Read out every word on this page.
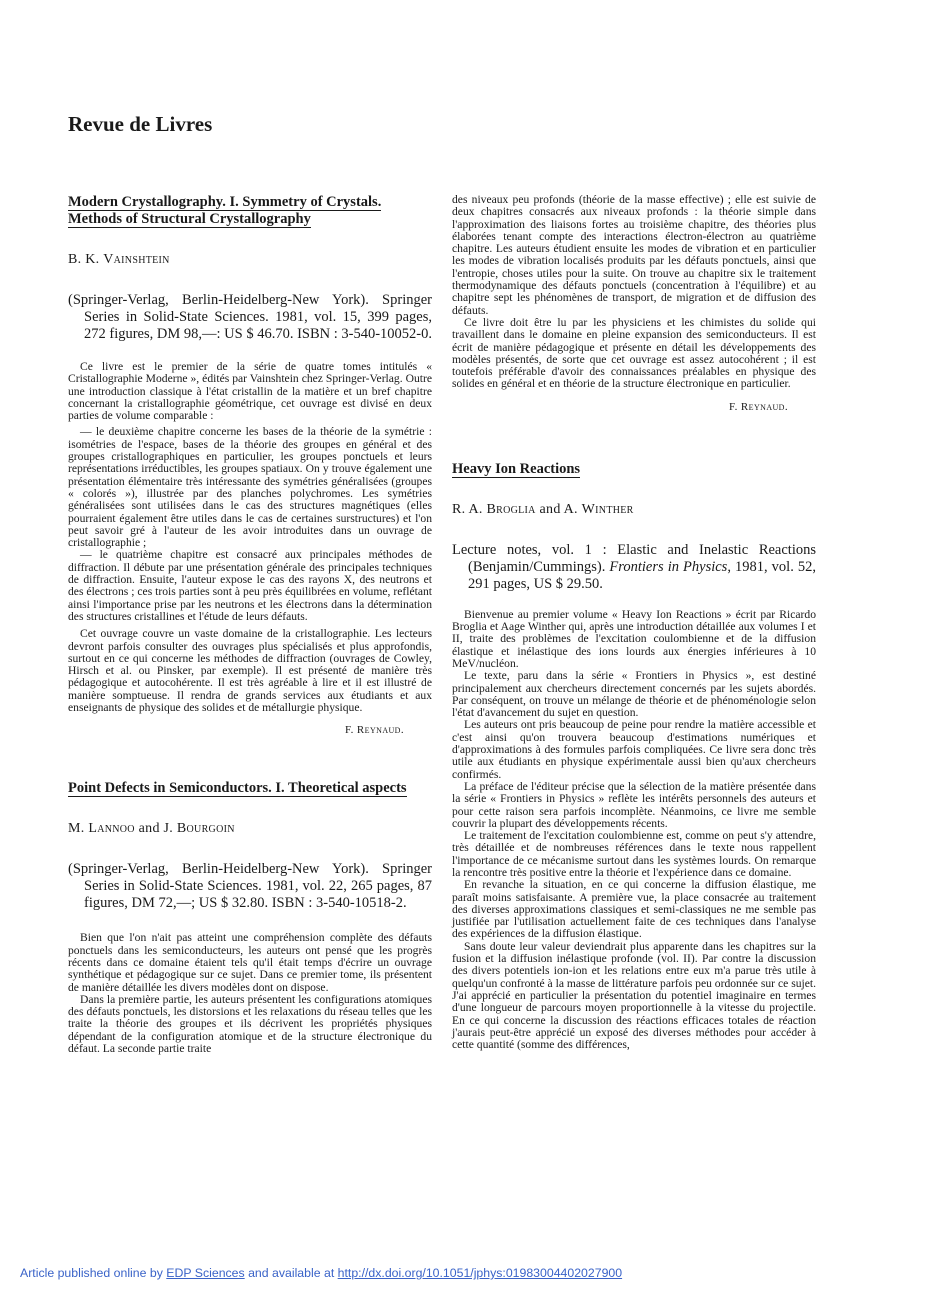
Revue de Livres
Modern Crystallography. I. Symmetry of Crystals. Methods of Structural Crystallography
B. K. Vainshtein

(Springer-Verlag, Berlin-Heidelberg-New York). Springer Series in Solid-State Sciences. 1981, vol. 15, 399 pages, 272 figures, DM 98,—: US $ 46.70. ISBN : 3-540-10052-0.

Ce livre est le premier de la série de quatre tomes intitulés « Cristallographie Moderne », édités par Vainshtein chez Springer-Verlag. Outre une introduction classique à l'état cristallin de la matière et un bref chapitre concernant la cristallographie géométrique, cet ouvrage est divisé en deux parties de volume comparable :

— le deuxième chapitre concerne les bases de la théorie de la symétrie : isométries de l'espace, bases de la théorie des groupes en général et des groupes cristallographiques en particulier, les groupes ponctuels et leurs représentations irréductibles, les groupes spatiaux. On y trouve également une présentation élémentaire très intéressante des symétries généralisées (groupes « colorés »), illustrée par des planches polychromes. Les symétries généralisées sont utilisées dans le cas des structures magnétiques (elles pourraient également être utiles dans le cas de certaines surstructures) et l'on peut savoir gré à l'auteur de les avoir introduites dans un ouvrage de cristallographie ;

— le quatrième chapitre est consacré aux principales méthodes de diffraction. Il débute par une présentation générale des principales techniques de diffraction. Ensuite, l'auteur expose le cas des rayons X, des neutrons et des électrons ; ces trois parties sont à peu près équilibrées en volume, reflétant ainsi l'importance prise par les neutrons et les électrons dans la détermination des structures cristallines et l'étude de leurs défauts.

Cet ouvrage couvre un vaste domaine de la cristallographie. Les lecteurs devront parfois consulter des ouvrages plus spécialisés et plus approfondis, surtout en ce qui concerne les méthodes de diffraction (ouvrages de Cowley, Hirsch et al. ou Pinsker, par exemple). Il est présenté de manière très pédagogique et autocohérente. Il est très agréable à lire et il est illustré de manière somptueuse. Il rendra de grands services aux étudiants et aux enseignants de physique des solides et de métallurgie physique.

F. Reynaud.
Point Defects in Semiconductors. I. Theoretical aspects
M. Lannoo and J. Bourgoin

(Springer-Verlag, Berlin-Heidelberg-New York). Springer Series in Solid-State Sciences. 1981, vol. 22, 265 pages, 87 figures, DM 72,—; US $ 32.80. ISBN : 3-540-10518-2.

Bien que l'on n'ait pas atteint une compréhension complète des défauts ponctuels dans les semiconducteurs, les auteurs ont pensé que les progrès récents dans ce domaine étaient tels qu'il était temps d'écrire un ouvrage synthétique et pédagogique sur ce sujet. Dans ce premier tome, ils présentent de manière détaillée les divers modèles dont on dispose.

Dans la première partie, les auteurs présentent les configurations atomiques des défauts ponctuels, les distorsions et les relaxations du réseau telles que les traite la théorie des groupes et ils décrivent les propriétés physiques dépendant de la configuration atomique et de la structure électronique du défaut. La seconde partie traite

des niveaux peu profonds (théorie de la masse effective) ; elle est suivie de deux chapitres consacrés aux niveaux profonds : la théorie simple dans l'approximation des liaisons fortes au troisième chapitre, des théories plus élaborées tenant compte des interactions électron-électron au quatrième chapitre. Les auteurs étudient ensuite les modes de vibration et en particulier les modes de vibration localisés produits par les défauts ponctuels, ainsi que l'entropie, choses utiles pour la suite. On trouve au chapitre six le traitement thermodynamique des défauts ponctuels (concentration à l'équilibre) et au chapitre sept les phénomènes de transport, de migration et de diffusion des défauts.

Ce livre doit être lu par les physiciens et les chimistes du solide qui travaillent dans le domaine en pleine expansion des semiconducteurs. Il est écrit de manière pédagogique et présente en détail les développements des modèles présentés, de sorte que cet ouvrage est assez autocohérent ; il est toutefois préférable d'avoir des connaissances préalables en physique des solides en général et en théorie de la structure électronique en particulier.

F. Reynaud.
Heavy Ion Reactions
R. A. Broglia and A. Winther

Lecture notes, vol. 1 : Elastic and Inelastic Reactions (Benjamin/Cummings). Frontiers in Physics, 1981, vol. 52, 291 pages, US $ 29.50.

Bienvenue au premier volume « Heavy Ion Reactions » écrit par Ricardo Broglia et Aage Winther qui, après une introduction détaillée aux volumes I et II, traite des problèmes de l'excitation coulombienne et de la diffusion élastique et inélastique des ions lourds aux énergies inférieures à 10 MeV/nucléon.

Le texte, paru dans la série « Frontiers in Physics », est destiné principalement aux chercheurs directement concernés par les sujets abordés. Par conséquent, on trouve un mélange de théorie et de phénoménologie selon l'état d'avancement du sujet en question.

Les auteurs ont pris beaucoup de peine pour rendre la matière accessible et c'est ainsi qu'on trouvera beaucoup d'estimations numériques et d'approximations à des formules parfois compliquées. Ce livre sera donc très utile aux étudiants en physique expérimentale aussi bien qu'aux chercheurs confirmés.

La préface de l'éditeur précise que la sélection de la matière présentée dans la série « Frontiers in Physics » reflète les intérêts personnels des auteurs et pour cette raison sera parfois incomplète. Néanmoins, ce livre me semble couvrir la plupart des développements récents.

Le traitement de l'excitation coulombienne est, comme on peut s'y attendre, très détaillée et de nombreuses références dans le texte nous rappellent l'importance de ce mécanisme surtout dans les systèmes lourds. On remarque la rencontre très positive entre la théorie et l'expérience dans ce domaine.

En revanche la situation, en ce qui concerne la diffusion élastique, me paraît moins satisfaisante. A première vue, la place consacrée au traitement des diverses approximations classiques et semi-classiques ne me semble pas justifiée par l'utilisation actuellement faite de ces techniques dans l'analyse des expériences de la diffusion élastique.

Sans doute leur valeur deviendrait plus apparente dans les chapitres sur la fusion et la diffusion inélastique profonde (vol. II). Par contre la discussion des divers potentiels ion-ion et les relations entre eux m'a parue très utile à quelqu'un confronté à la masse de littérature parfois peu ordonnée sur ce sujet. J'ai apprécié en particulier la présentation du potentiel imaginaire en termes d'une longueur de parcours moyen proportionnelle à la vitesse du projectile. En ce qui concerne la discussion des réactions efficaces totales de réaction j'aurais peut-être apprécié un exposé des diverses méthodes pour accéder à cette quantité (somme des différences,

Article published online by EDP Sciences and available at http://dx.doi.org/10.1051/jphys:01983004402027900
